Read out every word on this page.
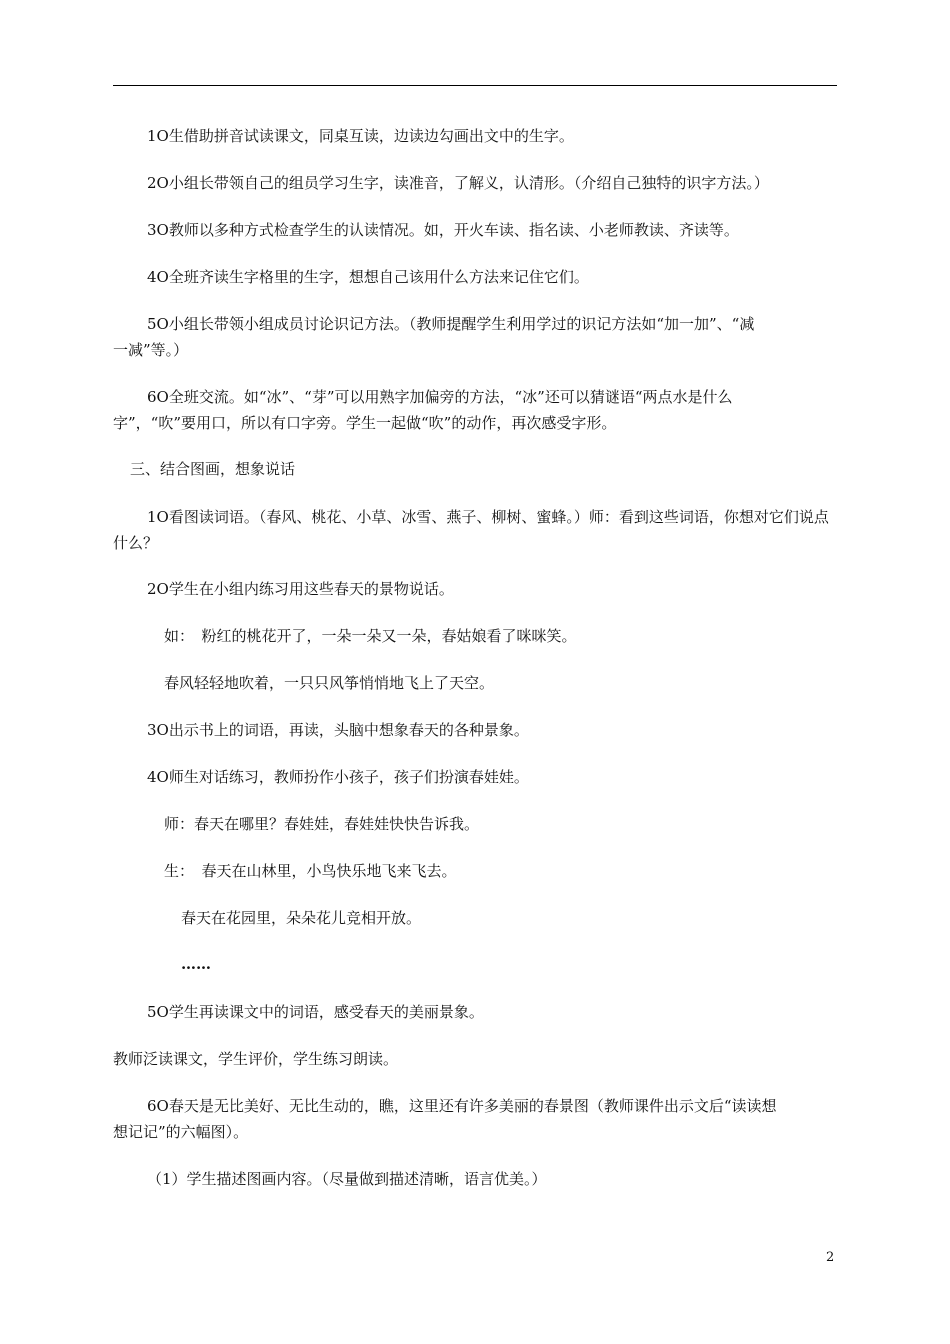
1O生借助拼音试读课文，同桌互读，边读边勾画出文中的生字。
2O小组长带领自己的组员学习生字，读准音，了解义，认清形。（介绍自己独特的识字方法。）
3O教师以多种方式检查学生的认读情况。如，开火车读、指名读、小老师教读、齐读等。
4O全班齐读生字格里的生字，想想自己该用什么方法来记住它们。
5O小组长带领小组成员讨论识记方法。（教师提醒学生利用学过的识记方法如“加一加”、“减
一减”等。）
6O全班交流。如“冰”、“芽”可以用熟字加偏旁的方法，“冰”还可以猜谜语“两点水是什么
字”，“吹”要用口，所以有口字旁。学生一起做“吹”的动作，再次感受字形。
三、结合图画，想象说话
1O看图读词语。（春风、桃花、小草、冰雪、燕子、柳树、蜜蜂。）师：看到这些词语，你想对它们说点
什么？
2O学生在小组内练习用这些春天的景物说话。
如：　粉红的桃花开了，一朵一朵又一朵，春姑娘看了咪咪笑。
春风轻轻地吹着，一只只风筝悄悄地飞上了天空。
3O出示书上的词语，再读，头脑中想象春天的各种景象。
4O师生对话练习，教师扮作小孩子，孩子们扮演春娃娃。
师：春天在哪里？春娃娃，春娃娃快快告诉我。
生：　春天在山林里，小鸟快乐地飞来飞去。
春天在花园里，朵朵花儿竞相开放。
……
5O学生再读课文中的词语，感受春天的美丽景象。
教师泛读课文，学生评价，学生练习朗读。
6O春天是无比美好、无比生动的，瞧，这里还有许多美丽的春景图（教师课件出示文后“读读想
想记记”的六幅图）。
（1）学生描述图画内容。（尽量做到描述清晰，语言优美。）
2
